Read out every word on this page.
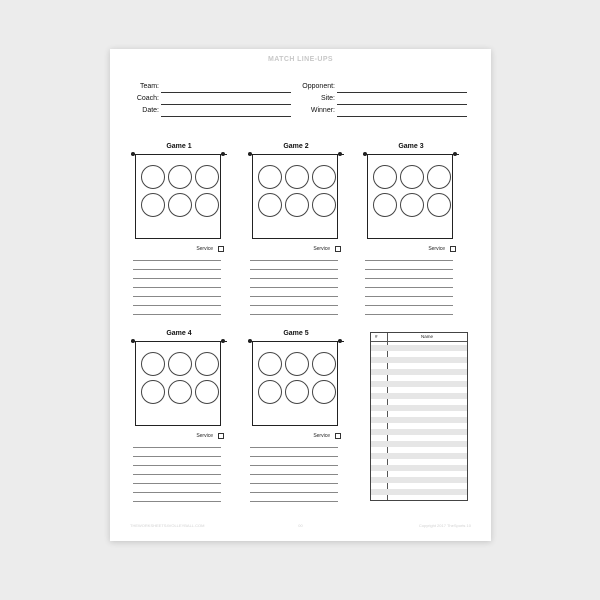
MATCH LINE-UPS
Team:
Coach:
Date:
Opponent:
Site:
Winner:
Game 1
Service
Game 2
Service
Game 3
Service
Game 4
Service
Game 5
Service
#	Name
THEWORKSHEETS4VOLLEYBALL.COM	00	Copyright 2017 TheSports 10
